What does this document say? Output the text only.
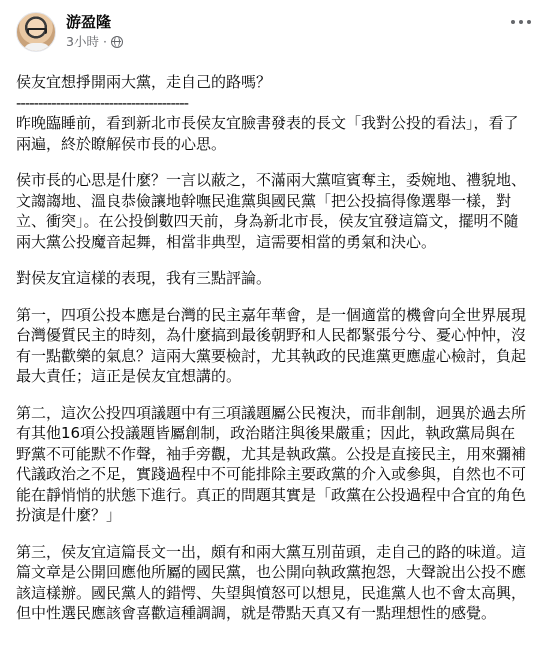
游盈隆
3小時 ·
侯友宜想掙開兩大黨，走自己的路嗎？
---------------------------------------
昨晚臨睡前，看到新北市長侯友宜臉書發表的長文「我對公投的看法」，看了兩遍，終於瞭解侯市長的心思。
侯市長的心思是什麼？一言以蔽之，不滿兩大黨喧賓奪主，委婉地、禮貌地、文謅謅地、溫良恭儉讓地幹嘸民進黨與國民黨「把公投搞得像選舉一樣，對立、衝突」。在公投倒數四天前，身為新北市長，侯友宜發這篇文，擺明不隨兩大黨公投魔音起舞，相當非典型，這需要相當的勇氣和決心。
對侯友宜這樣的表現，我有三點評論。
第一，四項公投本應是台灣的民主嘉年華會，是一個適當的機會向全世界展現台灣優質民主的時刻，為什麼搞到最後朝野和人民都緊張兮兮、憂心忡忡，沒有一點歡樂的氣息？這兩大黨要檢討，尤其執政的民進黨更應虛心檢討，負起最大責任；這正是侯友宜想講的。
第二，這次公投四項議題中有三項議題屬公民複決，而非創制，迥異於過去所有其他16項公投議題皆屬創制，政治賭注與後果嚴重；因此，執政黨局與在野黨不可能默不作聲，袖手旁觀，尤其是執政黨。公投是直接民主，用來彌補代議政治之不足，實踐過程中不可能排除主要政黨的介入或參與，自然也不可能在靜悄悄的狀態下進行。真正的問題其實是「政黨在公投過程中合宜的角色扮演是什麼？」
第三，侯友宜這篇長文一出，頗有和兩大黨互別苗頭，走自己的路的味道。這篇文章是公開回應他所屬的國民黨，也公開向執政黨抱怨，大聲說出公投不應該這樣辦。國民黨人的錯愕、失望與憤怒可以想見，民進黨人也不會太高興，但中性選民應該會喜歡這種調調，就是帶點天真又有一點理想性的感覺。
